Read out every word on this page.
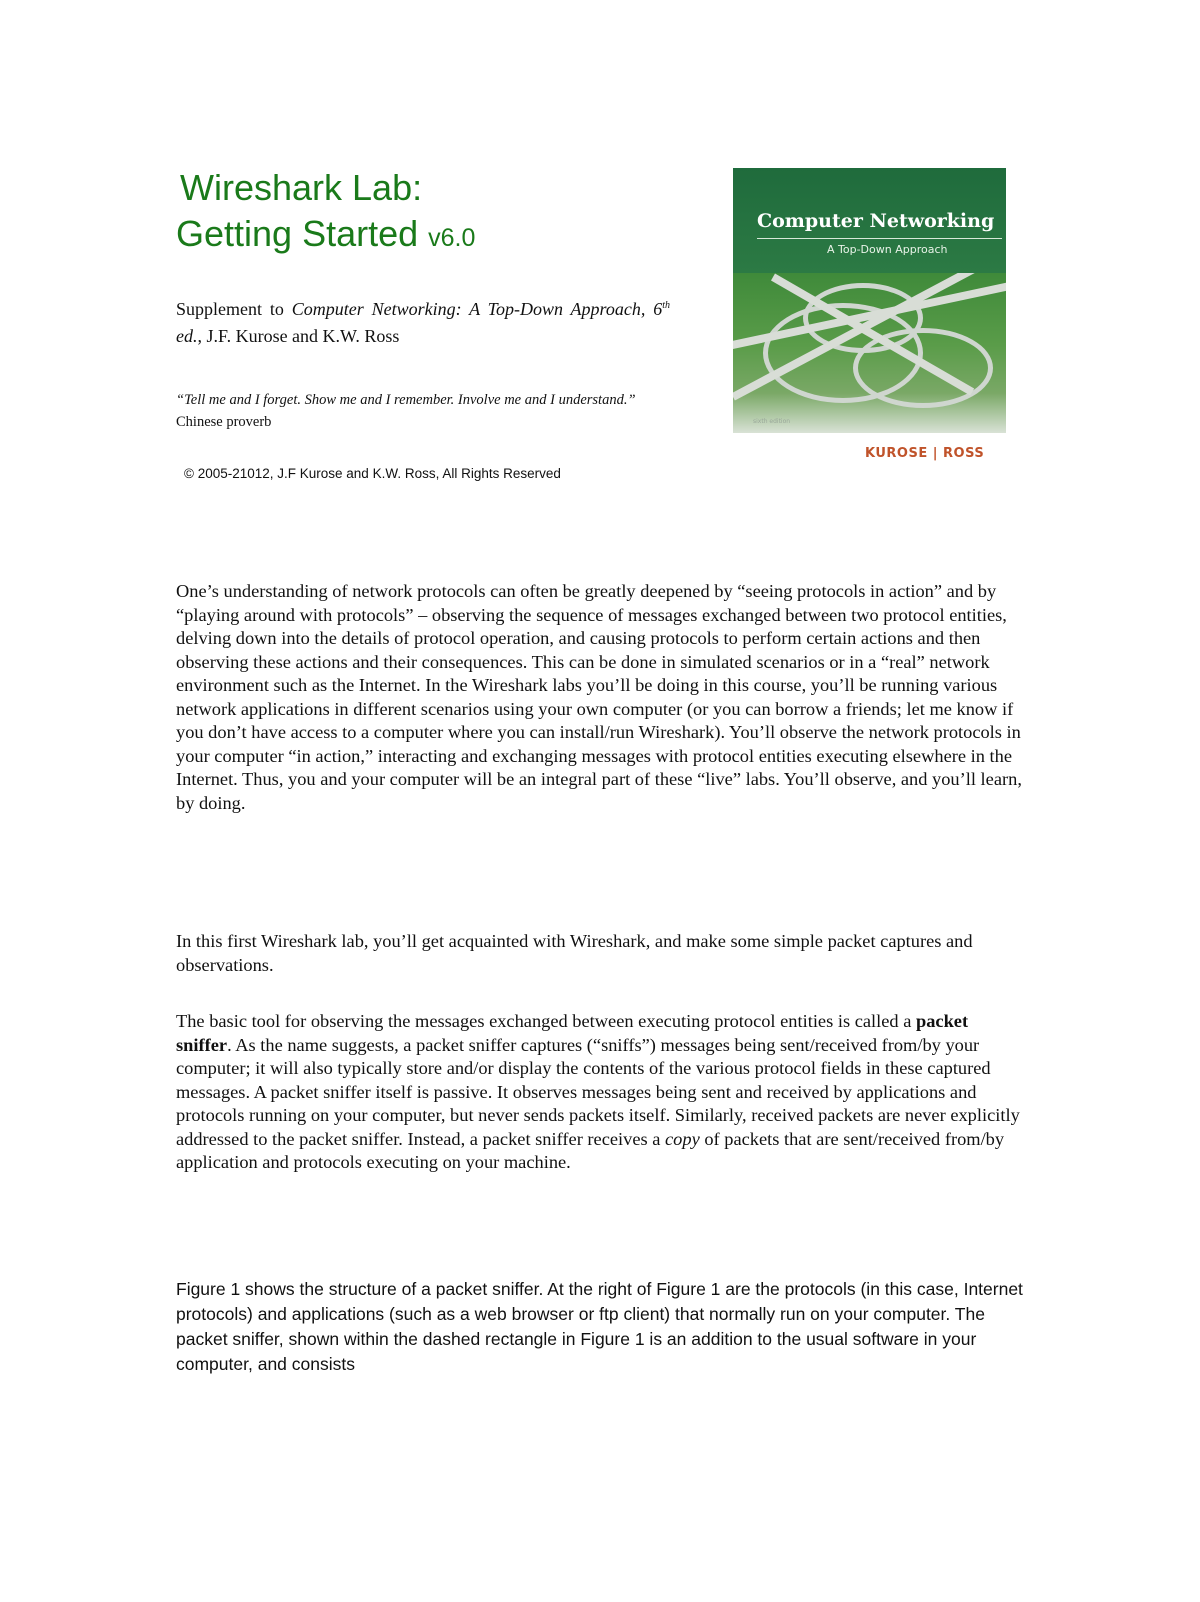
Wireshark Lab:
Getting Started v6.0
Supplement to Computer Networking: A Top-Down Approach, 6th ed., J.F. Kurose and K.W. Ross
“Tell me and I forget. Show me and I remember. Involve me and I understand.” Chinese proverb
© 2005-21012, J.F Kurose and K.W. Ross, All Rights Reserved
Computer Networking
A Top-Down Approach
sixth edition
KUROSE | ROSS
One’s understanding of network protocols can often be greatly deepened by “seeing protocols in action” and by “playing around with protocols” – observing the sequence of messages exchanged between two protocol entities, delving down into the details of protocol operation, and causing protocols to perform certain actions and then observing these actions and their consequences. This can be done in simulated scenarios or in a “real” network environment such as the Internet. In the Wireshark labs you’ll be doing in this course, you’ll be running various network applications in different scenarios using your own computer (or you can borrow a friends; let me know if you don’t have access to a computer where you can install/run Wireshark). You’ll observe the network protocols in your computer “in action,” interacting and exchanging messages with protocol entities executing elsewhere in the Internet. Thus, you and your computer will be an integral part of these “live” labs. You’ll observe, and you’ll learn, by doing.
In this first Wireshark lab, you’ll get acquainted with Wireshark, and make some simple packet captures and observations.
The basic tool for observing the messages exchanged between executing protocol entities is called a packet sniffer. As the name suggests, a packet sniffer captures (“sniffs”) messages being sent/received from/by your computer; it will also typically store and/or display the contents of the various protocol fields in these captured messages. A packet sniffer itself is passive. It observes messages being sent and received by applications and protocols running on your computer, but never sends packets itself. Similarly, received packets are never explicitly addressed to the packet sniffer. Instead, a packet sniffer receives a copy of packets that are sent/received from/by application and protocols executing on your machine.
Figure 1 shows the structure of a packet sniffer. At the right of Figure 1 are the protocols (in this case, Internet protocols) and applications (such as a web browser or ftp client) that normally run on your computer. The packet sniffer, shown within the dashed rectangle in Figure 1 is an addition to the usual software in your computer, and consists
